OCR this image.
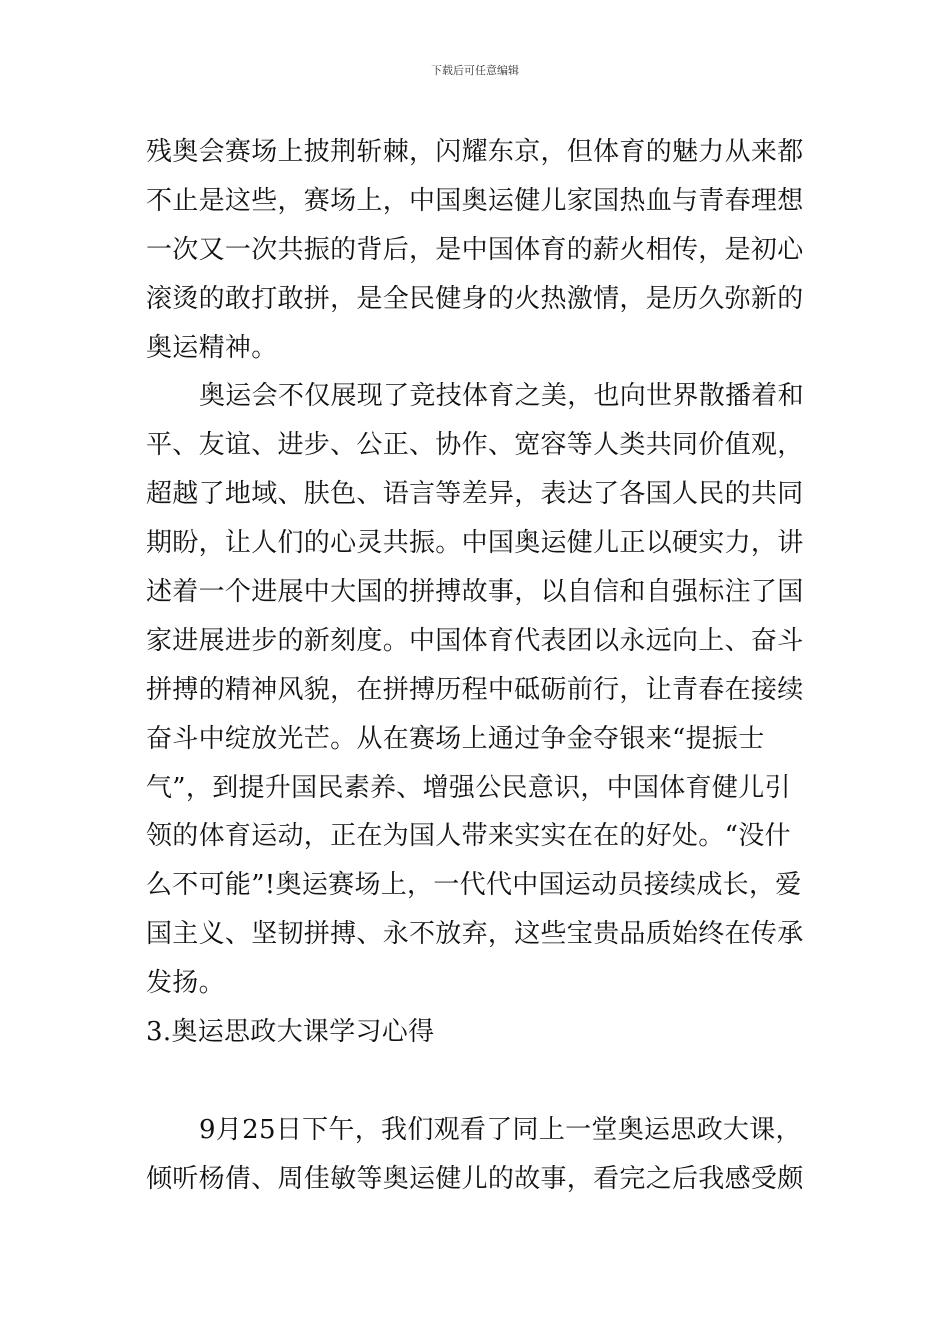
下载后可任意编辑
残奥会赛场上披荆斩棘，闪耀东京，但体育的魅力从来都
不止是这些，赛场上，中国奥运健儿家国热血与青春理想
一次又一次共振的背后，是中国体育的薪火相传，是初心
滚烫的敢打敢拼，是全民健身的火热激情，是历久弥新的
奥运精神。
奥运会不仅展现了竞技体育之美，也向世界散播着和
平、友谊、进步、公正、协作、宽容等人类共同价值观，
超越了地域、肤色、语言等差异，表达了各国人民的共同
期盼，让人们的心灵共振。中国奥运健儿正以硬实力，讲
述着一个进展中大国的拼搏故事，以自信和自强标注了国
家进展进步的新刻度。中国体育代表团以永远向上、奋斗
拼搏的精神风貌，在拼搏历程中砥砺前行，让青春在接续
奋斗中绽放光芒。从在赛场上通过争金夺银来“提振士
气”，到提升国民素养、增强公民意识，中国体育健儿引
领的体育运动，正在为国人带来实实在在的好处。“没什
么不可能”!奥运赛场上，一代代中国运动员接续成长，爱
国主义、坚韧拼搏、永不放弃，这些宝贵品质始终在传承
发扬。
3.奥运思政大课学习心得
9月25日下午，我们观看了同上一堂奥运思政大课，
倾听杨倩、周佳敏等奥运健儿的故事，看完之后我感受颇
